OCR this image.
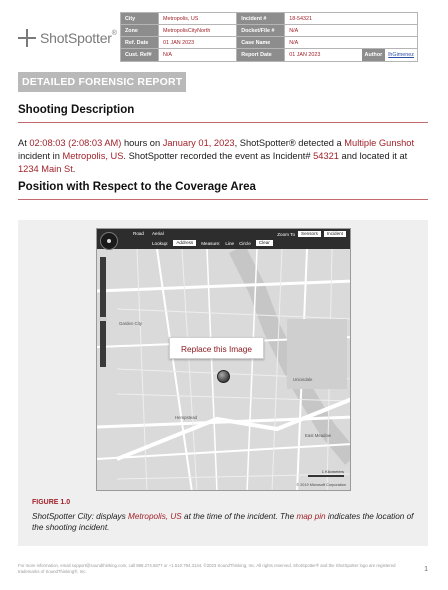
ShotSpotter®
City	Metropolis, US	Incident #	18-54321
Zone	MetropolisCityNorth	Docket/File #	N/A
Ref. Date	01 JAN 2023	Case Name	N/A
Cust. Ref#	N/A	Report Date	01 JAN 2023 Author lhGimenez
DETAILED FORENSIC REPORT
Shooting Description
At 02:08:03 (2:08:03 AM) hours on January 01, 2023, ShotSpotter® detected a Multiple Gunshot incident in Metropolis, US. ShotSpotter recorded the event as Incident# 54321 and located it at 1234 Main St.
Position with Respect to the Coverage Area
Road Aerial	Zoom To	Sensors	Incident
Lookup:	Address	Measure: Line Circle	Clear
Garden City
Hempstead
Uniondale
East Meadow
Replace this Image
1 Kilometers
© 2019 Microsoft Corporation
FIGURE 1.0
ShotSpotter City: displays Metropolis, US at the time of the incident. The map pin indicates the location of the shooting incident.
For more information, email support@soundthinking.com, call 888.274.6877 or +1.510.794.3144. ©2023 SoundThinking, Inc. All rights reserved. ShotSpotter® and the ShotSpotter logo are registered trademarks of SoundThinking®, Inc.	1
